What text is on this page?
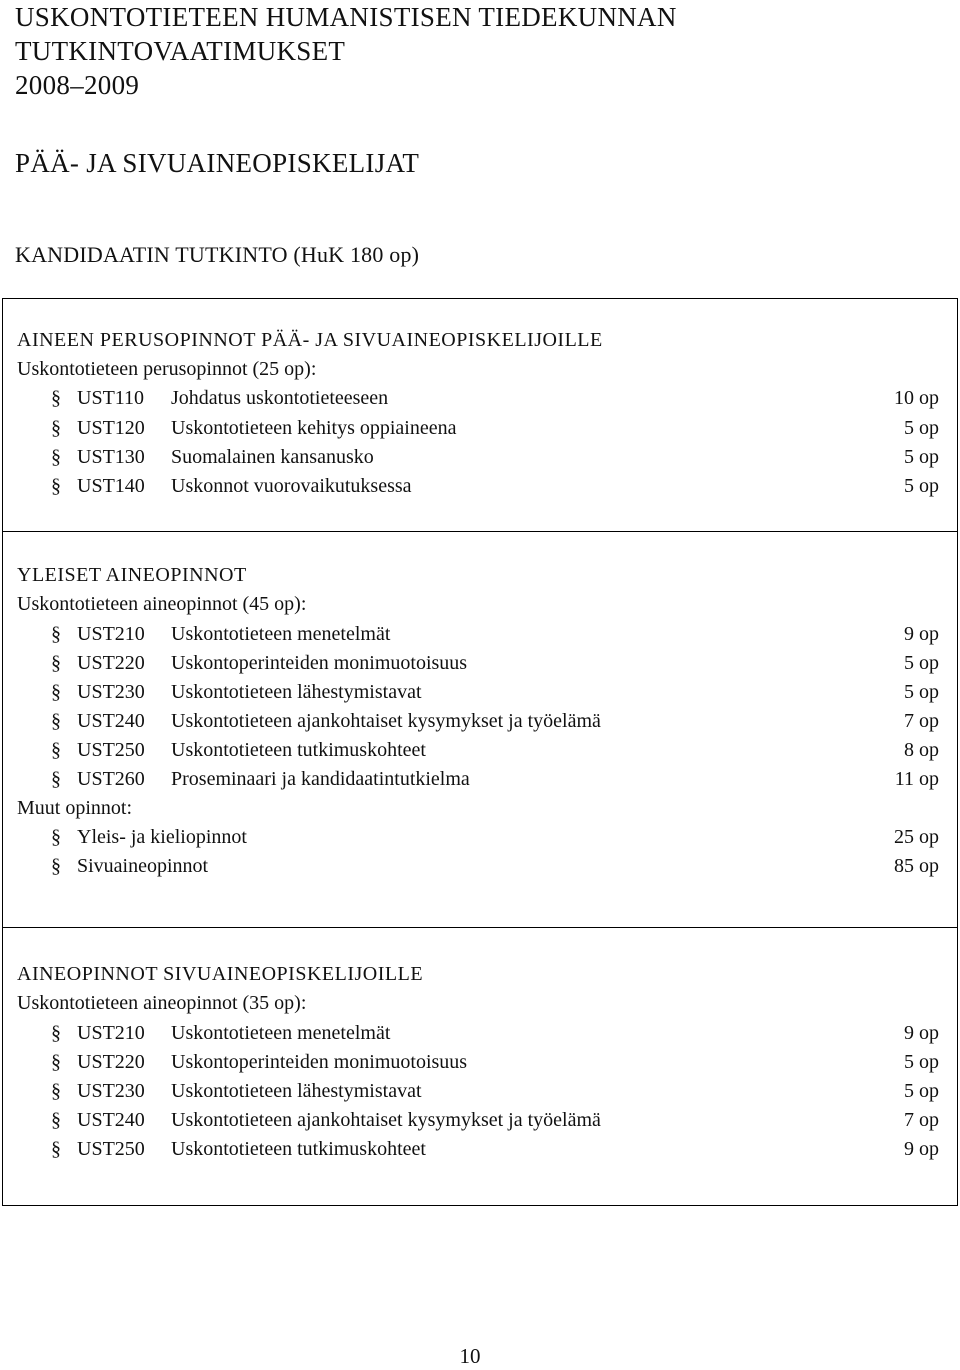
USKONTOTIETEEN HUMANISTISEN TIEDEKUNNAN
TUTKINTOVAATIMUKSET
2008–2009
PÄÄ- JA SIVUAINEOPISKELIJAT
KANDIDAATIN TUTKINTO (HuK 180 op)
AINEEN PERUSOPINNOT PÄÄ- JA SIVUAINEOPISKELIJOILLE
Uskontotieteen perusopinnot (25 op):
§ UST110 Johdatus uskontotieteeseen	10 op
§ UST120 Uskontotieteen kehitys oppiaineena	5 op
§ UST130 Suomalainen kansanusko	5 op
§ UST140 Uskonnot vuorovaikutuksessa	5 op
YLEISET AINEOPINNOT
Uskontotieteen aineopinnot (45 op):
§ UST210 Uskontotieteen menetelmät	9 op
§ UST220 Uskontoperinteiden monimuotoisuus	5 op
§ UST230 Uskontotieteen lähestymistavat	5 op
§ UST240 Uskontotieteen ajankohtaiset kysymykset ja työelämä	7 op
§ UST250 Uskontotieteen tutkimuskohteet	8 op
§ UST260 Proseminaari ja kandidaatintutkielma	11 op
Muut opinnot:
§ Yleis- ja kieliopinnot	25 op
§ Sivuaineopinnot	85 op
AINEOPINNOT SIVUAINEOPISKELIJOILLE
Uskontotieteen aineopinnot (35 op):
§ UST210 Uskontotieteen menetelmät	9 op
§ UST220 Uskontoperinteiden monimuotoisuus	5 op
§ UST230 Uskontotieteen lähestymistavat	5 op
§ UST240 Uskontotieteen ajankohtaiset kysymykset ja työelämä	7 op
§ UST250 Uskontotieteen tutkimuskohteet	9 op
10
